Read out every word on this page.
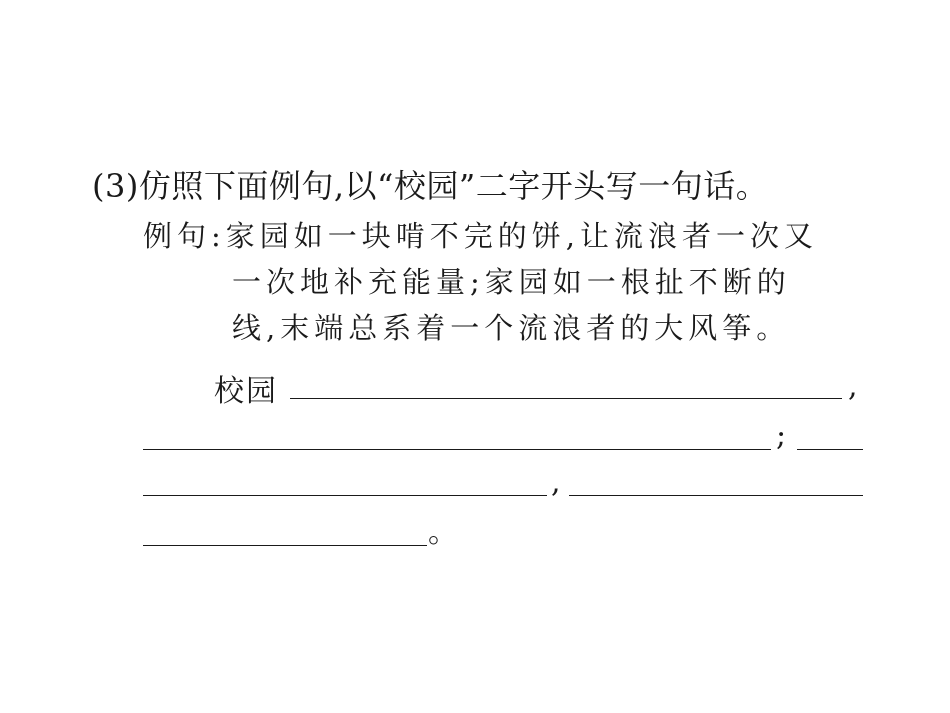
(3)仿照下面例句,以“校园”二字开头写一句话。
例句:家园如一块啃不完的饼,让流浪者一次又
一次地补充能量;家园如一根扯不断的
线,末端总系着一个流浪者的大风筝。
校园	,
;
,
。
